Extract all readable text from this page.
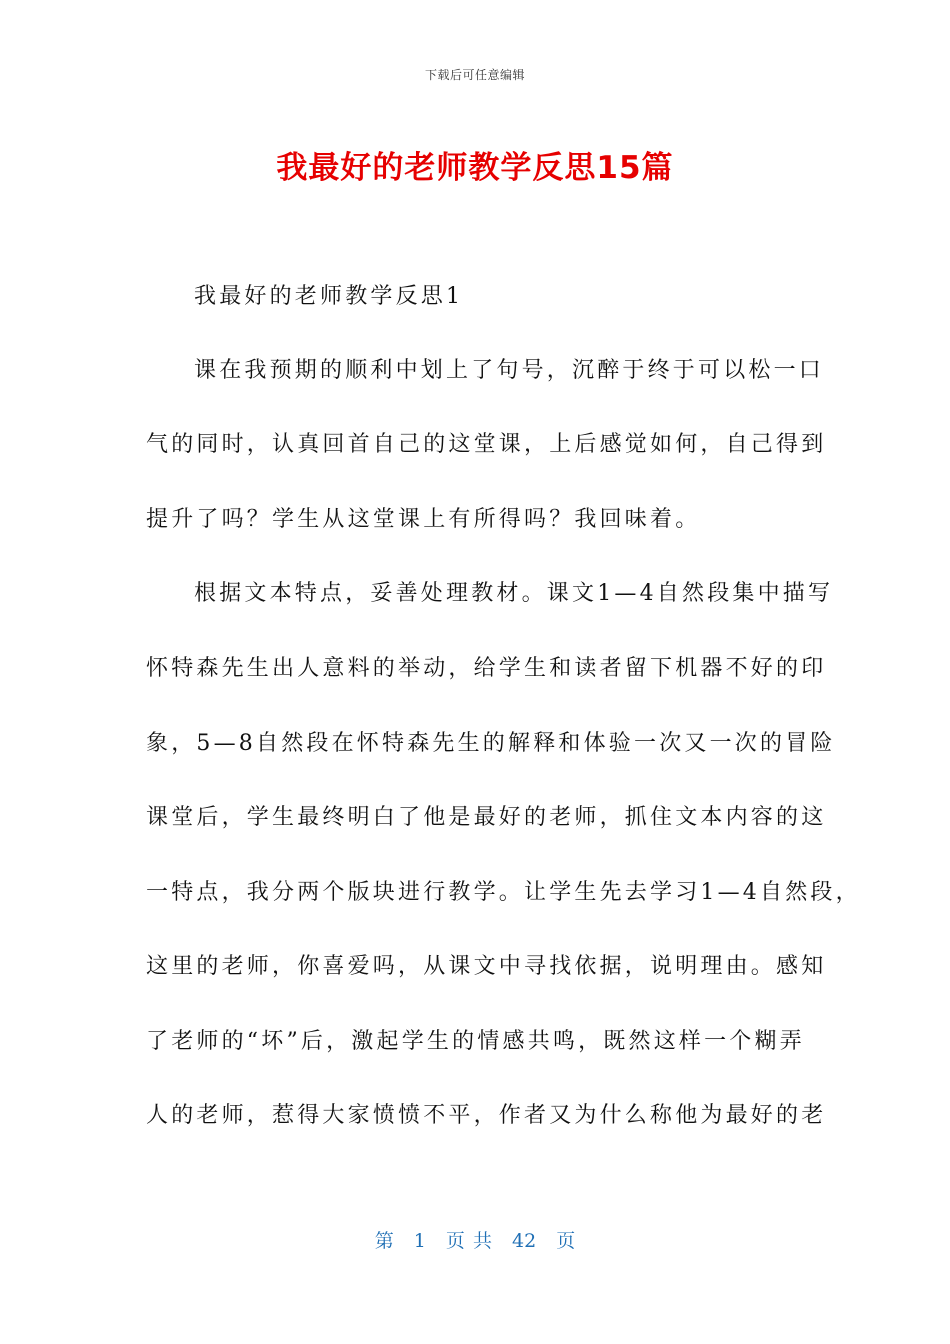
下载后可任意编辑
我最好的老师教学反思15篇
我最好的老师教学反思1
课在我预期的顺利中划上了句号，沉醉于终于可以松一口
气的同时，认真回首自己的这堂课，上后感觉如何，自己得到
提升了吗？学生从这堂课上有所得吗？我回味着。
根据文本特点，妥善处理教材。课文1—4自然段集中描写
怀特森先生出人意料的举动，给学生和读者留下机器不好的印
象，5—8自然段在怀特森先生的解释和体验一次又一次的冒险
课堂后，学生最终明白了他是最好的老师，抓住文本内容的这
一特点，我分两个版块进行教学。让学生先去学习1—4自然段，
这里的老师，你喜爱吗，从课文中寻找依据，说明理由。感知
了老师的“坏”后，激起学生的情感共鸣，既然这样一个糊弄
人的老师，惹得大家愤愤不平，作者又为什么称他为最好的老
第 1 页 共 42 页
